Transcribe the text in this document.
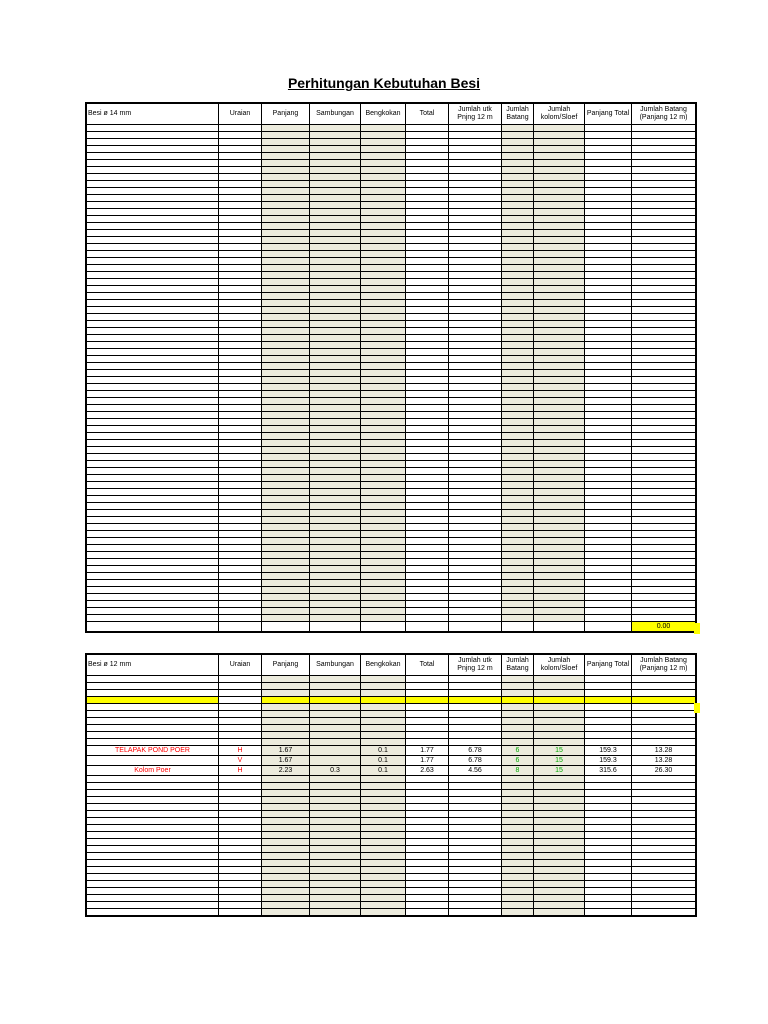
Perhitungan Kebutuhan Besi
Besi ø 14 mm	Uraian	Panjang	Sambungan	Bengkokan	Total	Jumlah utk Pnjng 12 m	Jumlah Batang	Jumlah kolom/Sloef	Panjang Total	Jumlah Batang (Panjang 12 m)

										0.00
Besi ø 12 mm	Uraian	Panjang	Sambungan	Bengkokan	Total	Jumlah utk Pnjng 12 m	Jumlah Batang	Jumlah kolom/Sloef	Panjang Total	Jumlah Batang (Panjang 12 m)

TELAPAK POND POER	H	1.67		0.1	1.77	6.78	6	15	159.3	13.28
	V	1.67		0.1	1.77	6.78	6	15	159.3	13.28
Kolom Poer	H	2.23	0.3	0.1	2.63	4.56	8	15	315.6	26.30
